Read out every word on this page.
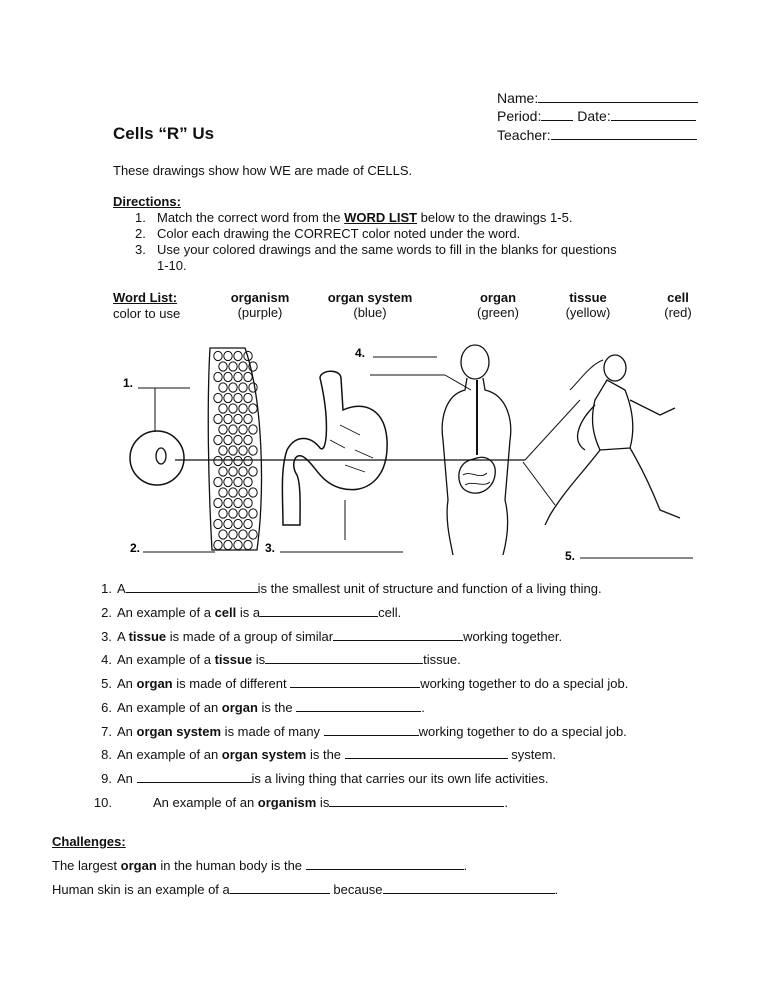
Name:
Period:	Date:
Teacher:
Cells “R” Us
These drawings show how WE are made of CELLS.
Directions:
1. Match the correct word from the WORD LIST below to the drawings 1-5.
2. Color each drawing the CORRECT color noted under the word.
3. Use your colored drawings and the same words to fill in the blanks for questions
1-10.
Word List:
color to use
organism
(purple)
organ system
(blue)
organ
(green)
tissue
(yellow)
cell
(red)
1.
2.	3.
4.
5.
1. A	is the smallest unit of structure and function of a living thing.
2. An example of a cell is a	cell.
3. A tissue is made of a group of similar	working together.
4. An example of a tissue is	tissue.
5. An organ is made of different	working together to do a special job.
6. An example of an organ is the	.
7. An organ system is made of many	working together to do a special job.
8. An example of an organ system is the	system.
9. An	is a living thing that carries our its own life activities.
10.	An example of an organism is	.
Challenges:
The largest organ in the human body is the	.
Human skin is an example of a	because	.
